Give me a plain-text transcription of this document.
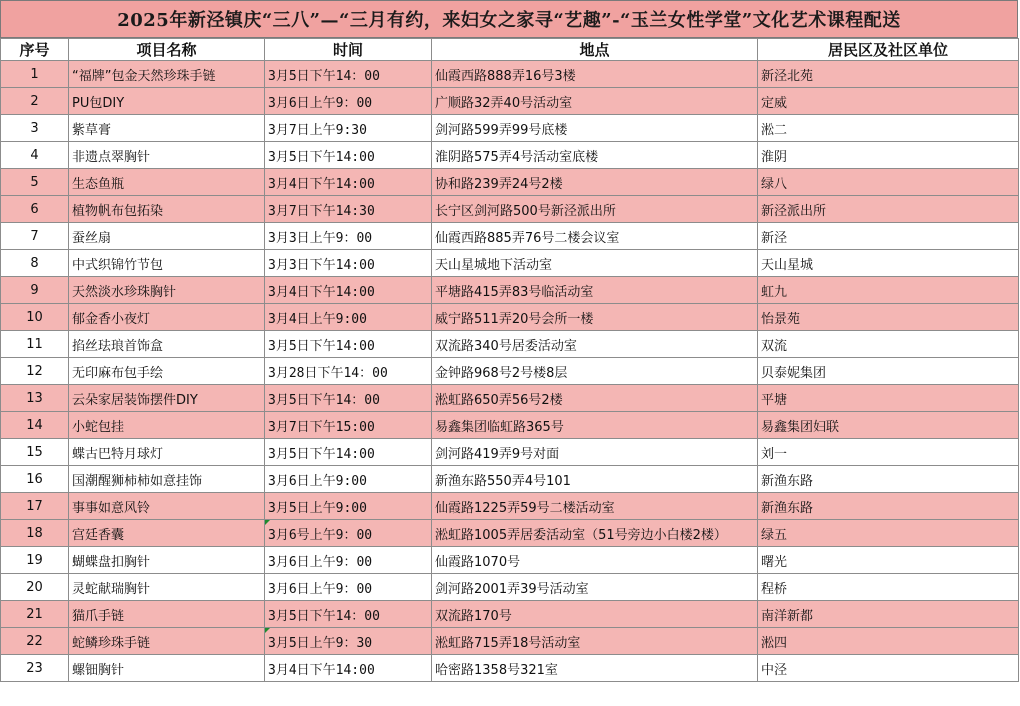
2025年新泾镇庆“三八”—“三月有约，来妇女之家寻“艺趣”-“玉兰女性学堂”文化艺术课程配送
序号	项目名称	时间	地点	居民区及社区单位
1	“福牌”包金天然珍珠手链	3月5日下午14：00	仙霞西路888弄16号3楼	新泾北苑
2	PU包DIY	3月6日上午9：00	广顺路32弄40号活动室	定威
3	紫草膏	3月7日上午9:30	剑河路599弄99号底楼	淞二
4	非遗点翠胸针	3月5日下午14:00	淮阴路575弄4号活动室底楼	淮阴
5	生态鱼瓶	3月4日下午14:00	协和路239弄24号2楼	绿八
6	植物帆布包拓染	3月7日下午14:30	长宁区剑河路500号新泾派出所	新泾派出所
7	蚕丝扇	3月3日上午9：00	仙霞西路885弄76号二楼会议室	新泾
8	中式织锦竹节包	3月3日下午14:00	天山星城地下活动室	天山星城
9	天然淡水珍珠胸针	3月4日下午14:00	平塘路415弄83号临活动室	虹九
10	郁金香小夜灯	3月4日上午9:00	威宁路511弄20号会所一楼	怡景苑
11	掐丝珐琅首饰盒	3月5日下午14:00	双流路340号居委活动室	双流
12	无印麻布包手绘	3月28日下午14：00	金钟路968号2号楼8层	贝泰妮集团
13	云朵家居装饰摆件DIY	3月5日下午14：00	淞虹路650弄56号2楼	平塘
14	小蛇包挂	3月7日下午15:00	易鑫集团临虹路365号	易鑫集团妇联
15	蝶古巴特月球灯	3月5日下午14:00	剑河路419弄9号对面	刘一
16	国潮醒狮柿柿如意挂饰	3月6日上午9:00	新渔东路550弄4号101	新渔东路
17	事事如意风铃	3月5日上午9:00	仙霞路1225弄59号二楼活动室	新渔东路
18	宫廷香囊	3月6号上午9：00	淞虹路1005弄居委活动室（51号旁边小白楼2楼）	绿五
19	蝴蝶盘扣胸针	3月6日上午9：00	仙霞路1070号	曙光
20	灵蛇献瑞胸针	3月6日上午9：00	剑河路2001弄39号活动室	程桥
21	猫爪手链	3月5日下午14：00	双流路170号	南洋新都
22	蛇鳞珍珠手链	3月5日上午9：30	淞虹路715弄18号活动室	淞四
23	螺钿胸针	3月4日下午14:00	哈密路1358号321室	中泾
